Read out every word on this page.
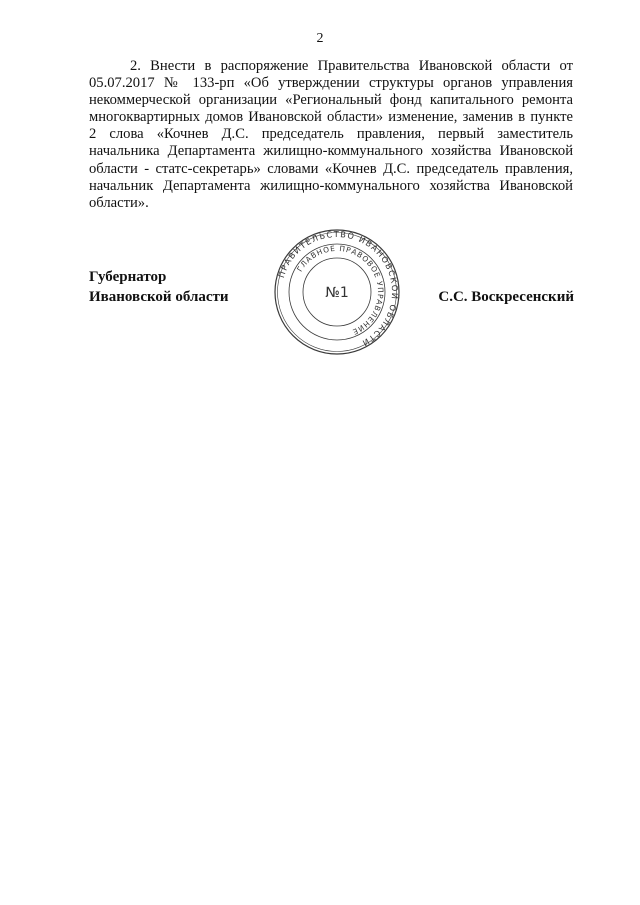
2

2. Внести в распоряжение Правительства Ивановской области от 05.07.2017 № 133-рп «Об утверждении структуры органов управления некоммерческой организации «Региональный фонд капитального ремонта многоквартирных домов Ивановской области» изменение, заменив в пункте 2 слова «Кочнев Д.С. председатель правления, первый заместитель начальника Департамента жилищно-коммунального хозяйства Ивановской области - статс-секретарь» словами «Кочнев Д.С. председатель правления, начальник Департамента жилищно-коммунального хозяйства Ивановской области».

Губернатор
Ивановской области
ПРАВИТЕЛЬСТВО ИВАНОВСКОЙ ОБЛАСТИ
ГЛАВНОЕ ПРАВОВОЕ УПРАВЛЕНИЕ
№1	С.С. Воскресенский
